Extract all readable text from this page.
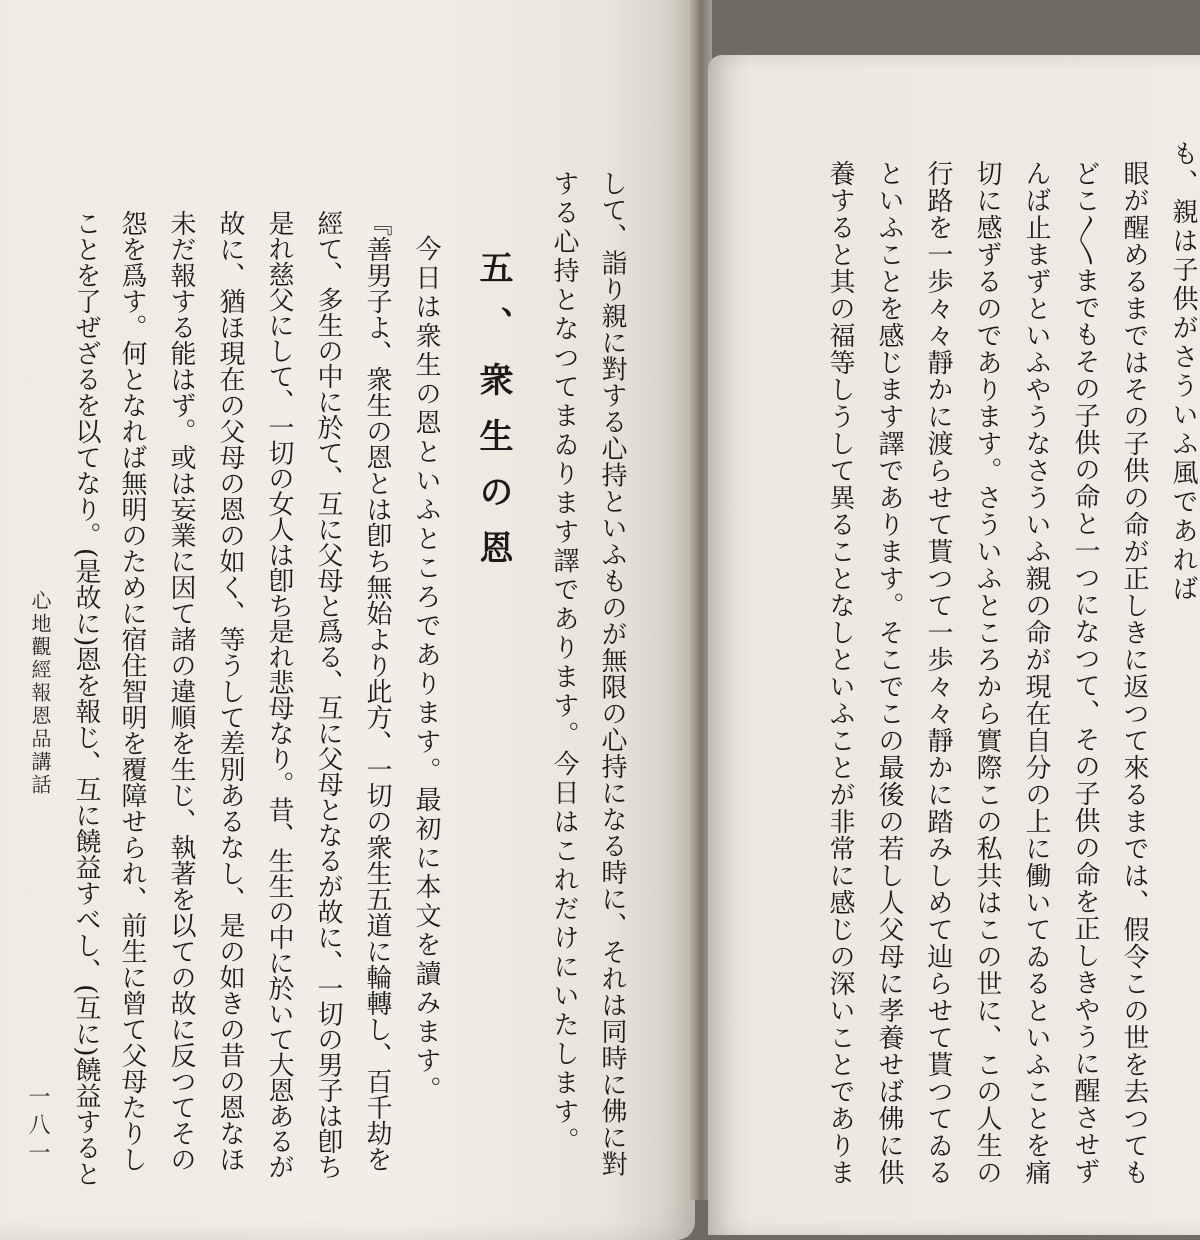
も、親は子供がさういふ風であれば
眼が醒めるまではその子供の命が正しきに返つて來るまでは、假令この世を去つても
どこ〳〵までもその子供の命と一つになつて、その子供の命を正しきやうに醒させず
んば止まずといふやうなさういふ親の命が現在自分の上に働いてゐるといふことを痛
切に感ずるのであります。さういふところから實際この私共はこの世に、この人生の
行路を一歩々々靜かに渡らせて貰つて一歩々々靜かに踏みしめて辿らせて貰つてゐる
といふことを感じます譯であります。そこでこの最後の若し人父母に孝養せば佛に供
養すると其の福等しうして異ることなしといふことが非常に感じの深いことでありま
して、詣り親に對する心持といふものが無限の心持になる時に、それは同時に佛に對
する心持となつてまゐります譯であります。今日はこれだけにいたします。
五、衆生の恩
今日は衆生の恩といふところであります。最初に本文を讀みます。
『善男子よ、衆生の恩とは卽ち無始より此方、一切の衆生五道に輪轉し、百千劫を
經て、多生の中に於て、互に父母と爲る、互に父母となるが故に、一切の男子は卽ち
是れ慈父にして、一切の女人は卽ち是れ悲母なり。昔、生生の中に於いて大恩あるが
故に、猶ほ現在の父母の恩の如く、等うして差別あるなし、是の如きの昔の恩なほ
未だ報する能はず。或は妄業に因て諸の違順を生じ、執著を以ての故に反つてその
怨を爲す。何となれば無明のために宿住智明を覆障せられ、前生に曾て父母たりし
ことを了ぜざるを以てなり。(是故に)恩を報じ、互に饒益すべし、(互に)饒益すると
心地觀經報恩品講話
一八一
